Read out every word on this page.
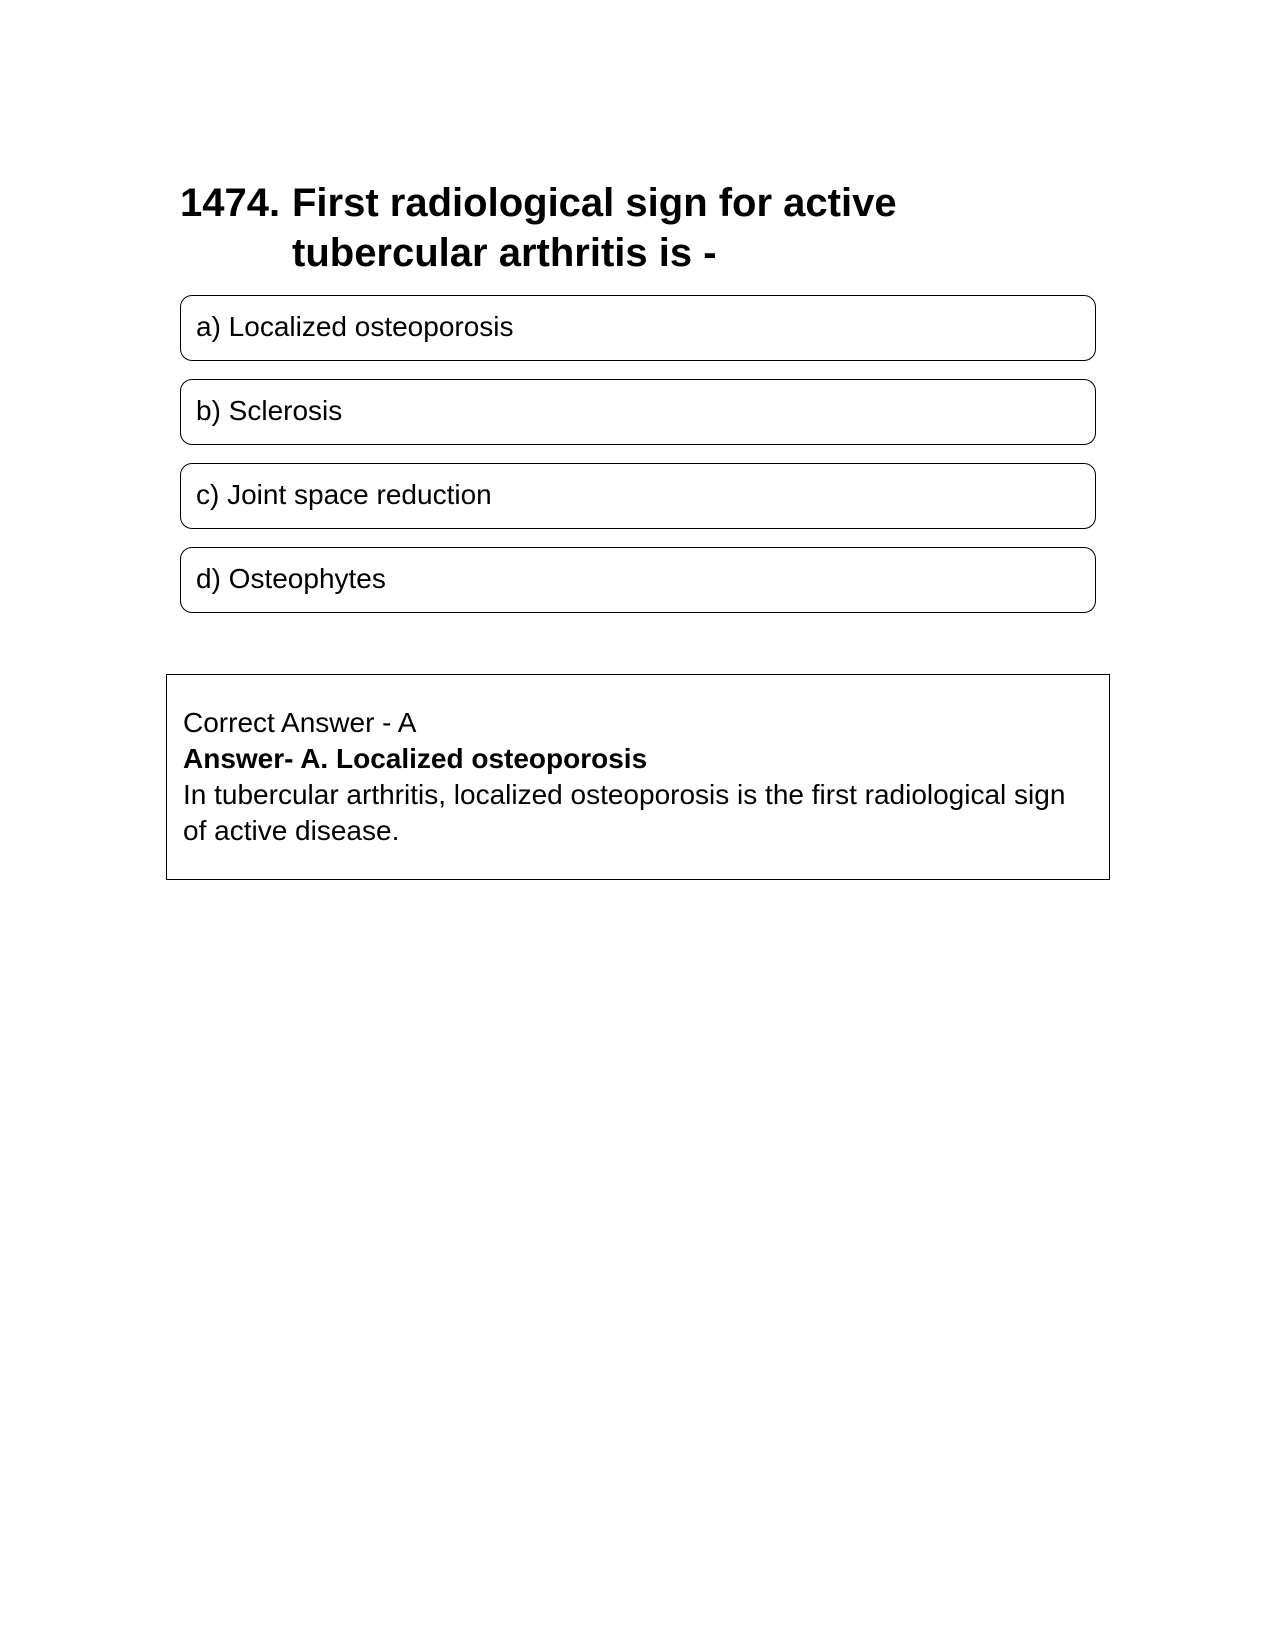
1474. First radiological sign for active tubercular arthritis is -
a) Localized osteoporosis
b) Sclerosis
c) Joint space reduction
d) Osteophytes
Correct Answer - A
Answer- A. Localized osteoporosis
In tubercular arthritis, localized osteoporosis is the first radiological sign of active disease.
